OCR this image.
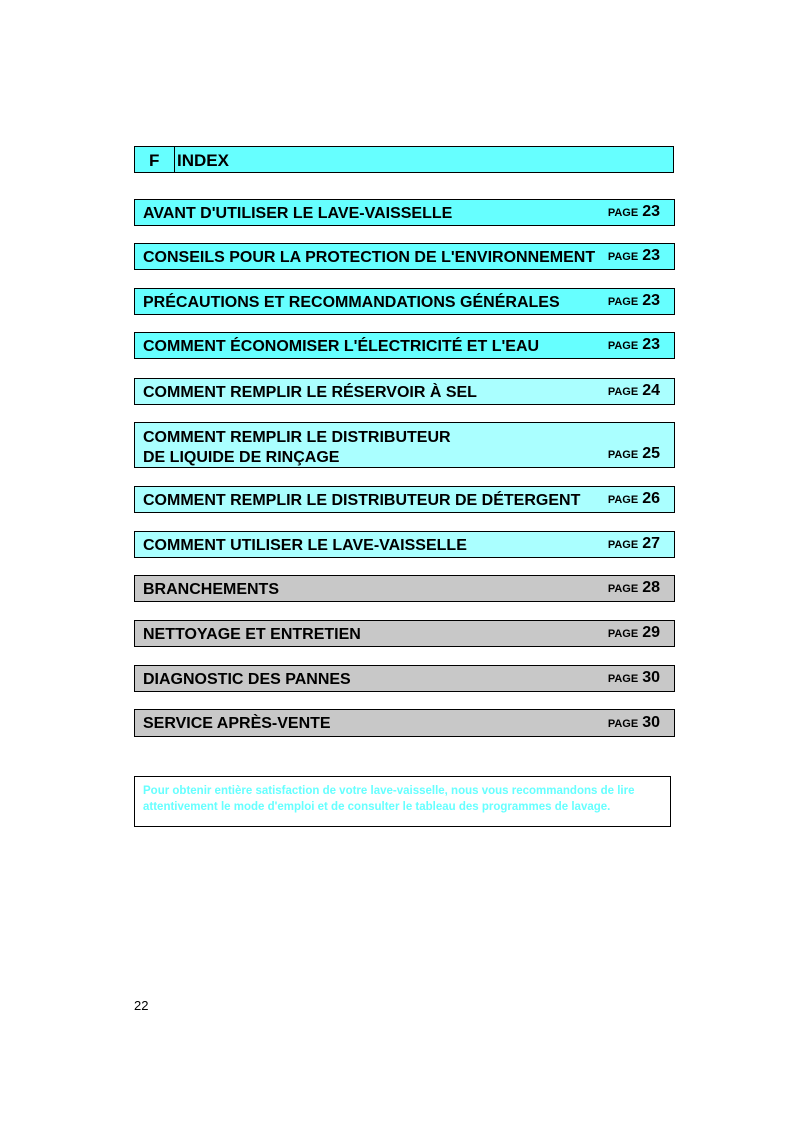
F	INDEX
AVANT D'UTILISER LE LAVE-VAISSELLE	PAGE 23
CONSEILS POUR LA PROTECTION DE L'ENVIRONNEMENT PAGE 23
PRÉCAUTIONS ET RECOMMANDATIONS GÉNÉRALES	PAGE 23
COMMENT ÉCONOMISER L'ÉLECTRICITÉ ET L'EAU	PAGE 23
COMMENT REMPLIR LE RÉSERVOIR À SEL	PAGE 24
COMMENT REMPLIR LE DISTRIBUTEUR
DE LIQUIDE DE RINÇAGE	PAGE 25
COMMENT REMPLIR LE DISTRIBUTEUR DE DÉTERGENT	PAGE 26
COMMENT UTILISER LE LAVE-VAISSELLE	PAGE 27
BRANCHEMENTS	PAGE 28
NETTOYAGE ET ENTRETIEN	PAGE 29
DIAGNOSTIC DES PANNES	PAGE 30
SERVICE APRÈS-VENTE	PAGE 30
Pour obtenir entière satisfaction de votre lave-vaisselle, nous vous recommandons de lire attentivement le mode d'emploi et de consulter le tableau des programmes de lavage.
22
